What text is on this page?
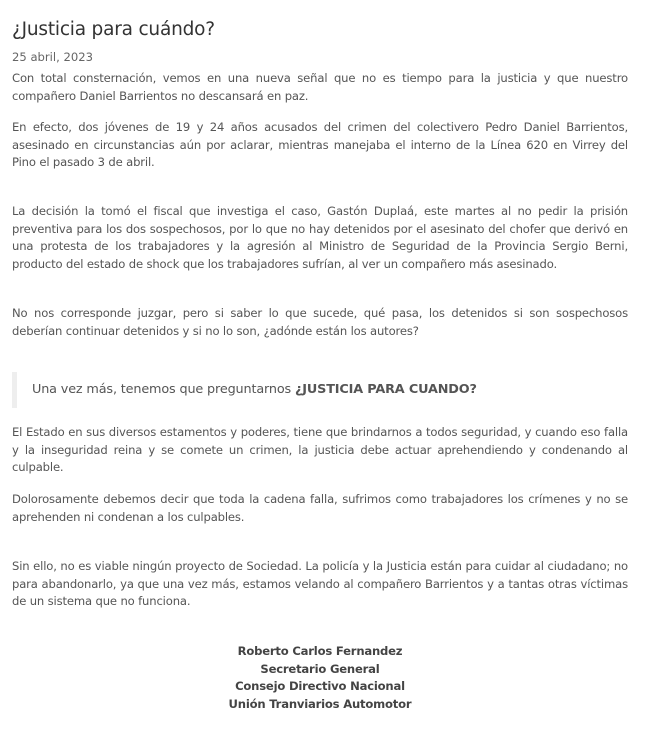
¿Justicia para cuándo?
25 abril, 2023

Con total consternación, vemos en una nueva señal que no es tiempo para la justicia y que nuestro compañero Daniel Barrientos no descansará en paz.

En efecto, dos jóvenes de 19 y 24 años acusados del crimen del colectivero Pedro Daniel Barrientos, asesinado en circunstancias aún por aclarar, mientras manejaba el interno de la Línea 620 en Virrey del Pino el pasado 3 de abril.

La decisión la tomó el fiscal que investiga el caso, Gastón Duplaá, este martes al no pedir la prisión preventiva para los dos sospechosos, por lo que no hay detenidos por el asesinato del chofer que derivó en una protesta de los trabajadores y la agresión al Ministro de Seguridad de la Provincia Sergio Berni, producto del estado de shock que los trabajadores sufrían, al ver un compañero más asesinado.

No nos corresponde juzgar, pero si saber lo que sucede, qué pasa, los detenidos si son sospechosos deberían continuar detenidos y si no lo son, ¿adónde están los autores?

Una vez más, tenemos que preguntarnos ¿JUSTICIA PARA CUANDO?

El Estado en sus diversos estamentos y poderes, tiene que brindarnos a todos seguridad, y cuando eso falla y la inseguridad reina y se comete un crimen, la justicia debe actuar aprehendiendo y condenando al culpable.

Dolorosamente debemos decir que toda la cadena falla, sufrimos como trabajadores los crímenes y no se aprehenden ni condenan a los culpables.

Sin ello, no es viable ningún proyecto de Sociedad. La policía y la Justicia están para cuidar al ciudadano; no para abandonarlo, ya que una vez más, estamos velando al compañero Barrientos y a tantas otras víctimas de un sistema que no funciona.

Roberto Carlos Fernandez
Secretario General
Consejo Directivo Nacional
Unión Tranviarios Automotor
